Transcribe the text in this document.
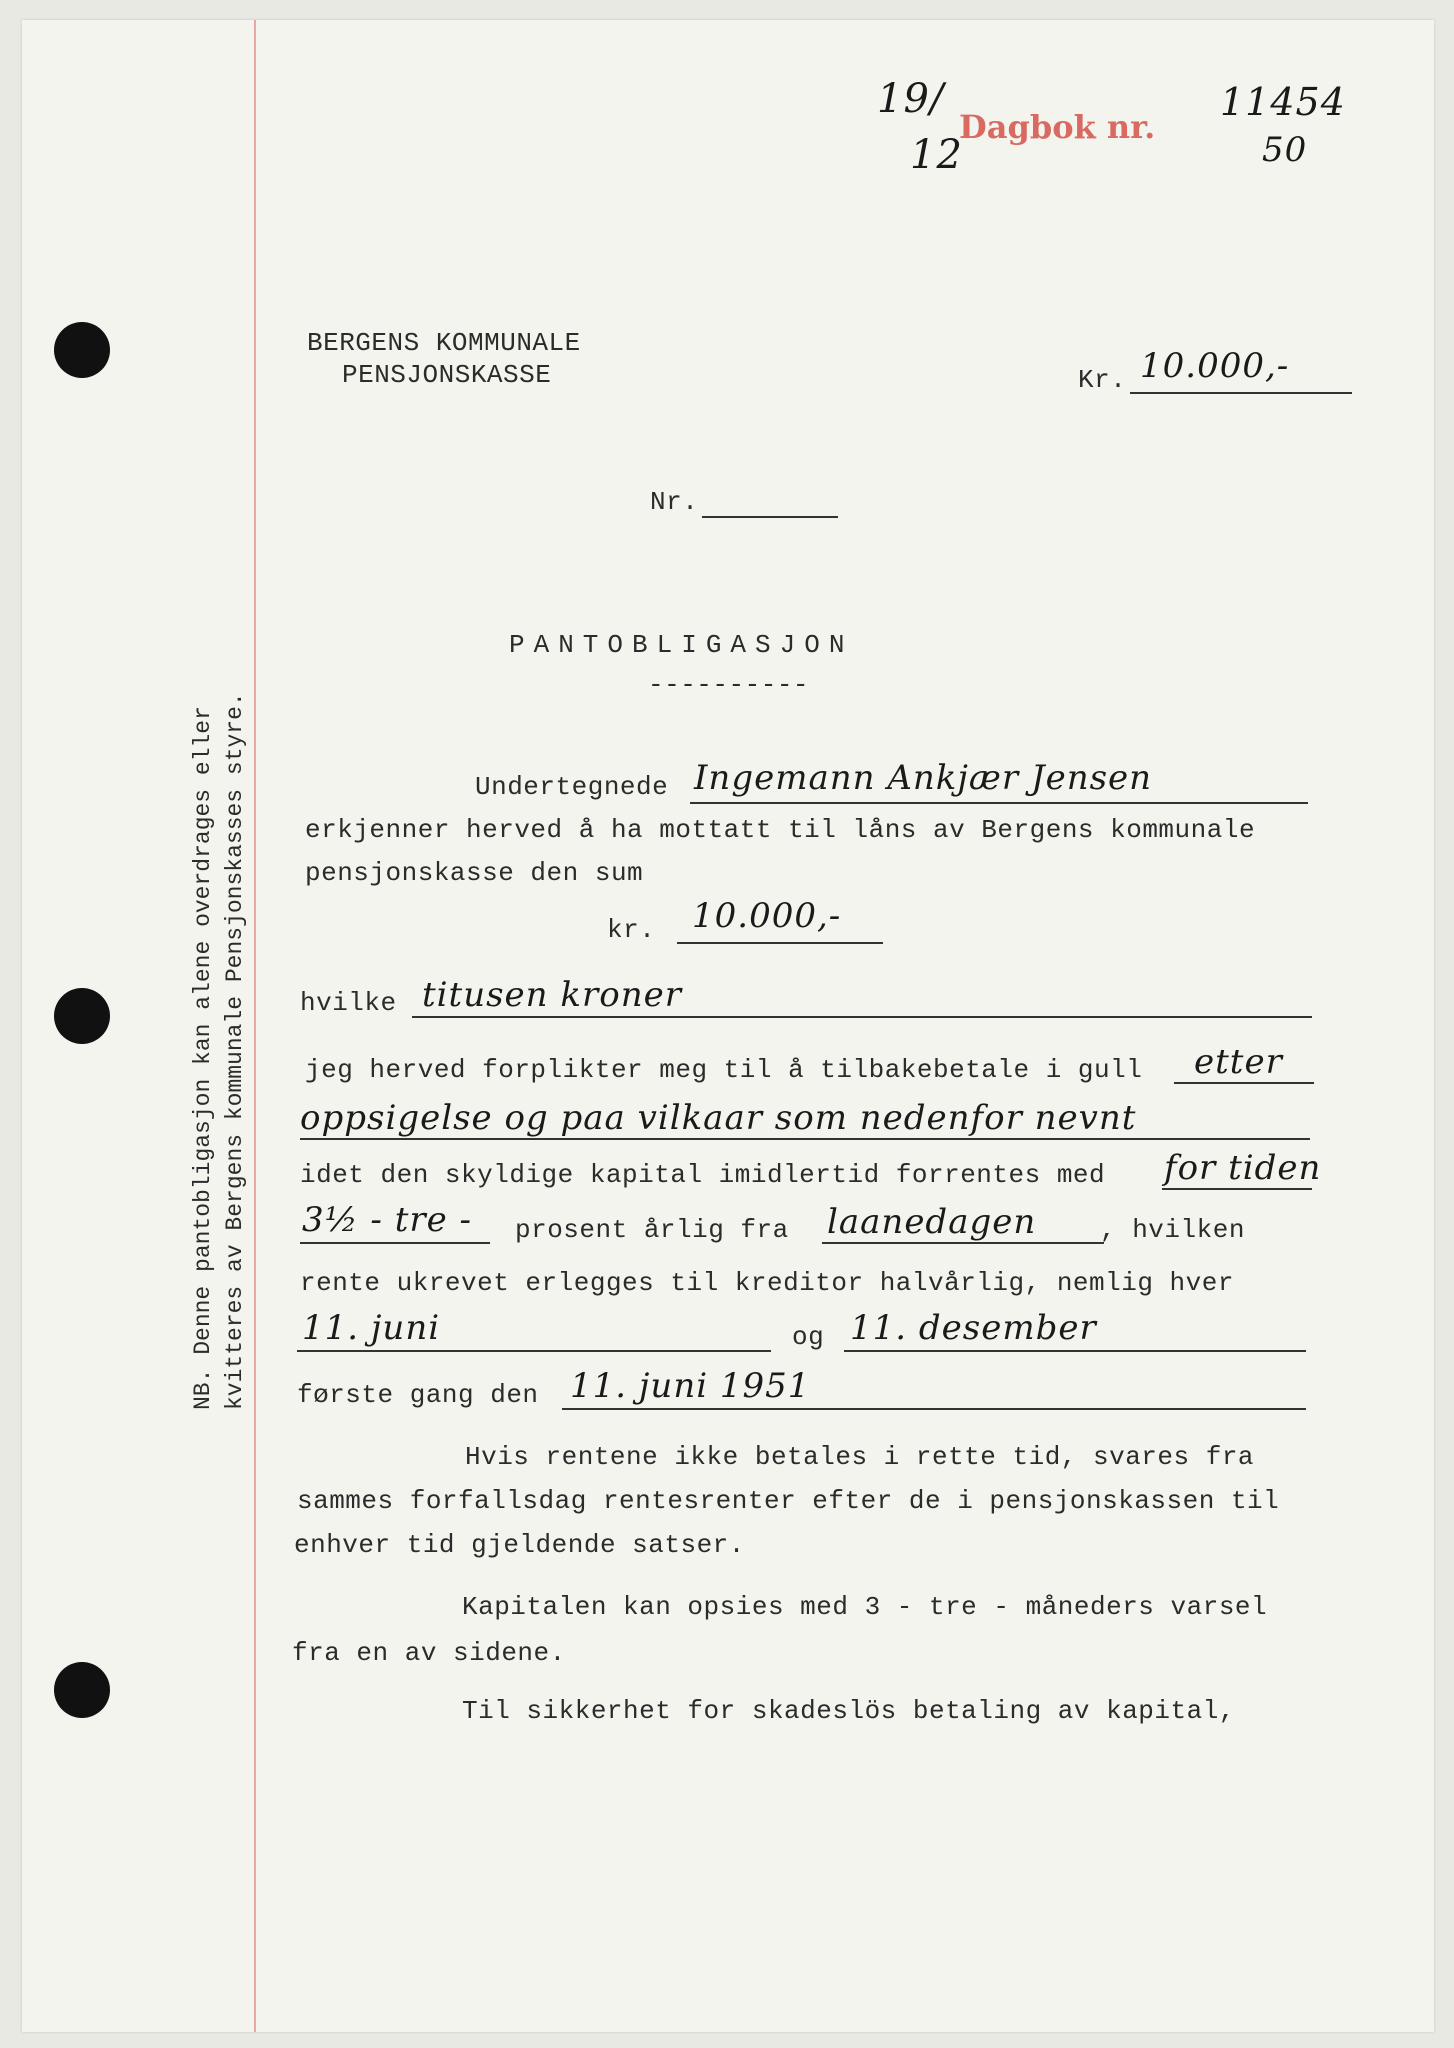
19/
12
Dagbok nr.
11454
50
BERGENS KOMMUNALE
PENSJONSKASSE	Kr. 10.000,-
Nr.
PANTOBLIGASJON
----------
Undertegnede Ingemann Ankjær Jensen
erkjenner herved å ha mottatt til låns av Bergens kommunale
pensjonskasse den sum
kr. 10.000,-
hvilke titusen kroner
jeg herved forplikter meg til å tilbakebetale i gull etter
oppsigelse og paa vilkaar som nedenfor nevnt
idet den skyldige kapital imidlertid forrentes med for tiden
3½ - tre - prosent årlig fra laanedagen , hvilken
rente ukrevet erlegges til kreditor halvårlig, nemlig hver
11. juni	og 11. desember
første gang den 11. juni 1951
Hvis rentene ikke betales i rette tid, svares fra
sammes forfallsdag rentesrenter efter de i pensjonskassen til
enhver tid gjeldende satser.
Kapitalen kan opsies med 3 - tre - måneders varsel
fra en av sidene.
Til sikkerhet for skadeslös betaling av kapital,
NB. Denne pantobligasjon kan alene overdrages eller kvitteres av Bergens kommunale Pensjonskasses styre.
